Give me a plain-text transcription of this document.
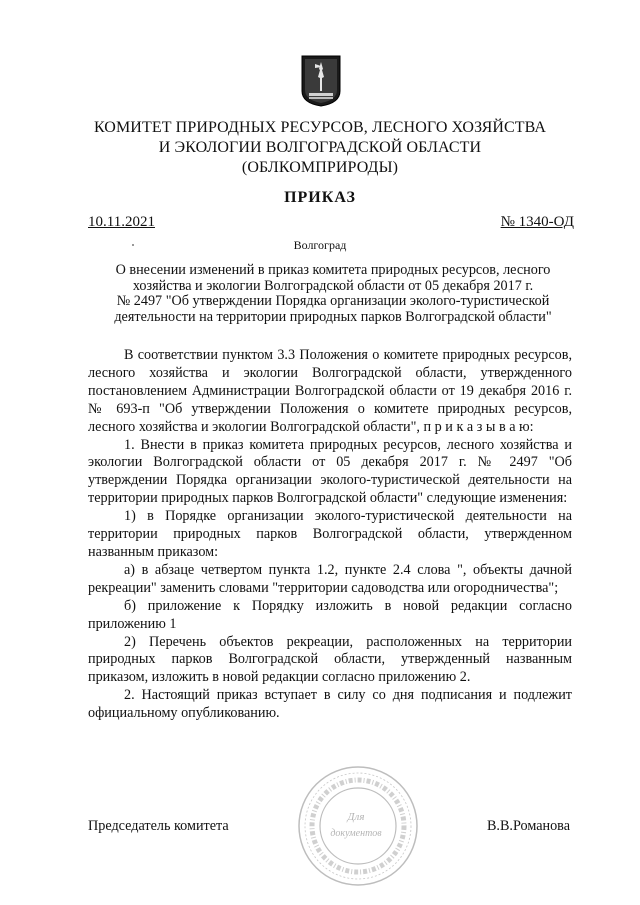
КОМИТЕТ ПРИРОДНЫХ РЕСУРСОВ, ЛЕСНОГО ХОЗЯЙСТВА
И ЭКОЛОГИИ ВОЛГОГРАДСКОЙ ОБЛАСТИ
(ОБЛКОМПРИРОДЫ)
ПРИКАЗ
10.11.2021	№ 1340-ОД
Волгоград
О внесении изменений в приказ комитета природных ресурсов, лесного
хозяйства и экологии Волгоградской области от 05 декабря 2017 г.
№ 2497 "Об утверждении Порядка организации эколого-туристической
деятельности на территории природных парков Волгоградской области"

В соответствии пунктом 3.3 Положения о комитете природных ресурсов, лесного хозяйства и экологии Волгоградской области, утвержденного постановлением Администрации Волгоградской области от 19 декабря 2016 г. № 693-п "Об утверждении Положения о комитете природных ресурсов, лесного хозяйства и экологии Волгоградской области", п р и к а з ы в а ю:

1. Внести в приказ комитета природных ресурсов, лесного хозяйства и экологии Волгоградской области от 05 декабря 2017 г. № 2497 "Об утверждении Порядка организации эколого-туристической деятельности на территории природных парков Волгоградской области" следующие изменения:

1) в Порядке организации эколого-туристической деятельности на территории природных парков Волгоградской области, утвержденном названным приказом:

а) в абзаце четвертом пункта 1.2, пункте 2.4 слова ", объекты дачной рекреации" заменить словами "территории садоводства или огородничества";

б) приложение к Порядку изложить в новой редакции согласно приложению 1

2) Перечень объектов рекреации, расположенных на территории природных парков Волгоградской области, утвержденный названным приказом, изложить в новой редакции согласно приложению 2.

2. Настоящий приказ вступает в силу со дня подписания и подлежит официальному опубликованию.

Для
документов
Председатель комитета	В.В.Романова
